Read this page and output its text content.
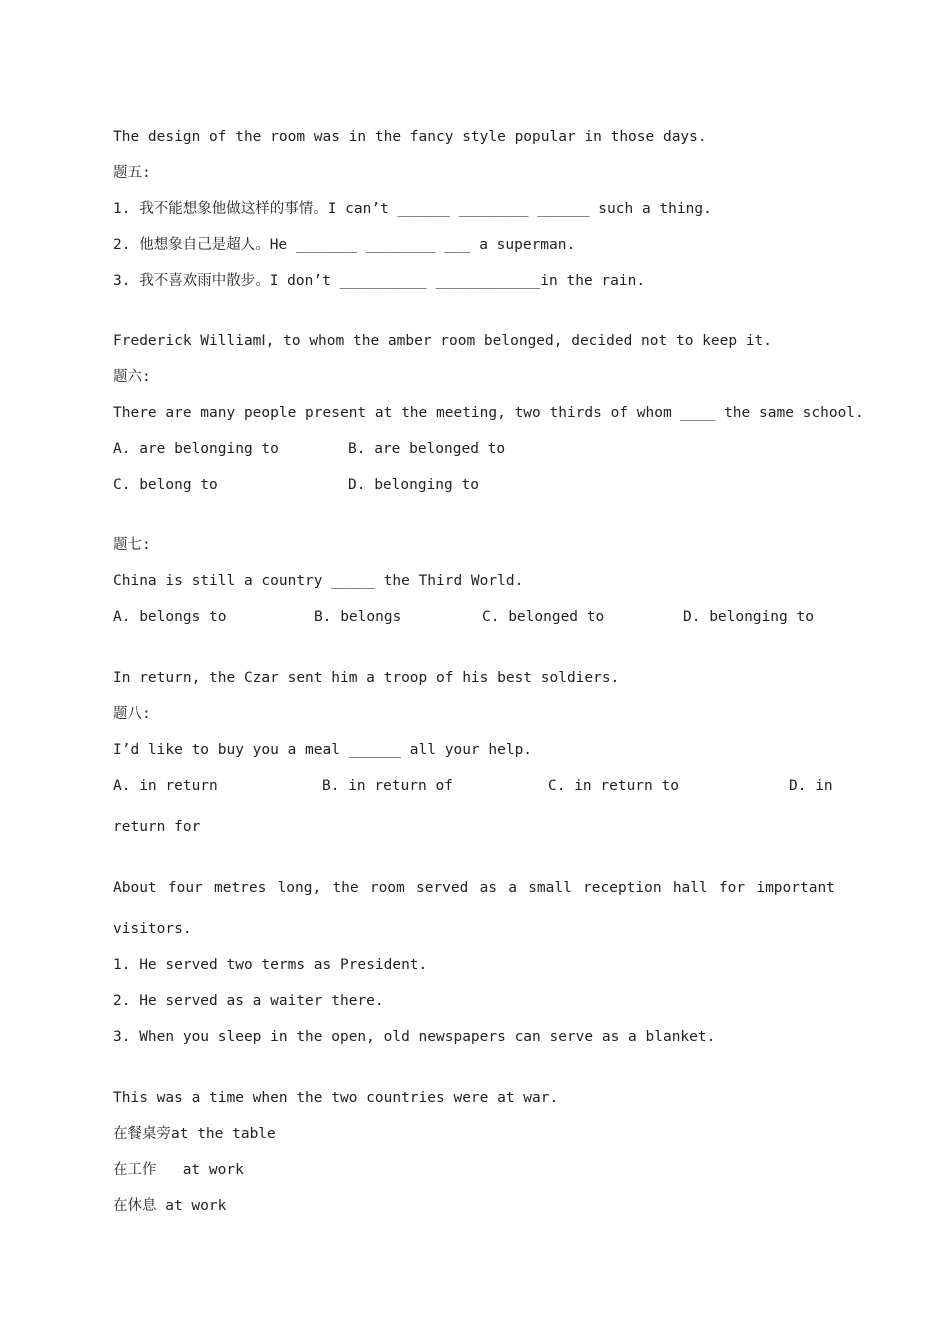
The design of the room was in the fancy style popular in those days.
题五:
1. 我不能想象他做这样的事情。I can’t ______ ________ ______ such a thing.
2. 他想象自己是超人。He _______ ________ ___ a superman.
3. 我不喜欢雨中散步。I don’t __________ ____________in the rain.
Frederick WilliamⅠ, to whom the amber room belonged, decided not to keep it.
题六:
There are many people present at the meeting, two thirds of whom ____ the same school.
A. are belonging to	B. are belonged to
C. belong to	D. belonging to
题七:
China is still a country _____ the Third World.
A. belongs to	B. belongs	C. belonged to	D. belonging to
In return, the Czar sent him a troop of his best soldiers.
题八:
I’d like to buy you a meal ______ all your help.
A. in return	B. in return of	C. in return to	D. in
return for
About four metres long, the room served as a small reception hall for important
visitors.
1. He served two terms as President.
2. He served as a waiter there.
3. When you sleep in the open, old newspapers can serve as a blanket.
This was a time when the two countries were at war.
在餐桌旁at the table
在工作   at work
在休息 at work
